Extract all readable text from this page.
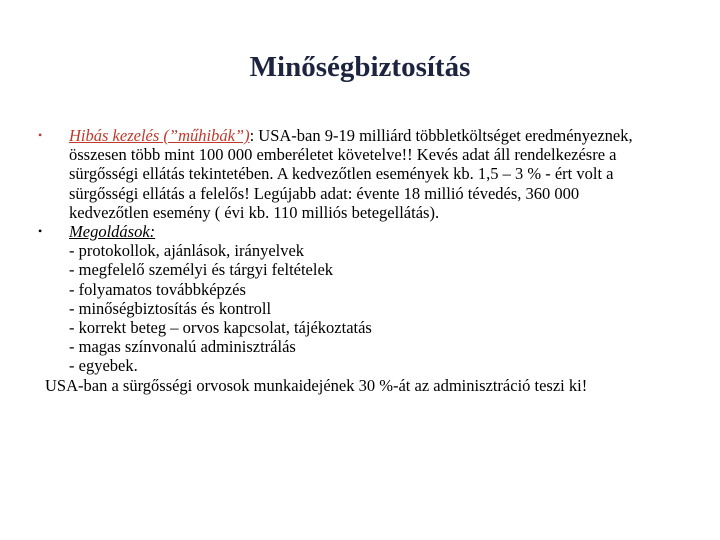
Minőségbiztosítás
• Hibás kezelés (”műhibák”): USA-ban 9-19 milliárd többletköltséget eredményeznek, összesen több mint 100 000 emberéletet követelve!! Kevés adat áll rendelkezésre a sürgősségi ellátás tekintetében. A kedvezőtlen események kb. 1,5 – 3 % - ért volt a sürgősségi ellátás a felelős! Legújabb adat: évente 18 millió tévedés, 360 000 kedvezőtlen esemény ( évi kb. 110 milliós betegellátás).
• Megoldások:
- protokollok, ajánlások, irányelvek
- megfelelő személyi és tárgyi feltételek
- folyamatos továbbképzés
- minőségbiztosítás és kontroll
- korrekt beteg – orvos kapcsolat, tájékoztatás
- magas színvonalú adminisztrálás
- egyebek.
USA-ban a sürgősségi orvosok munkaidejének 30 %-át az adminisztráció teszi ki!
